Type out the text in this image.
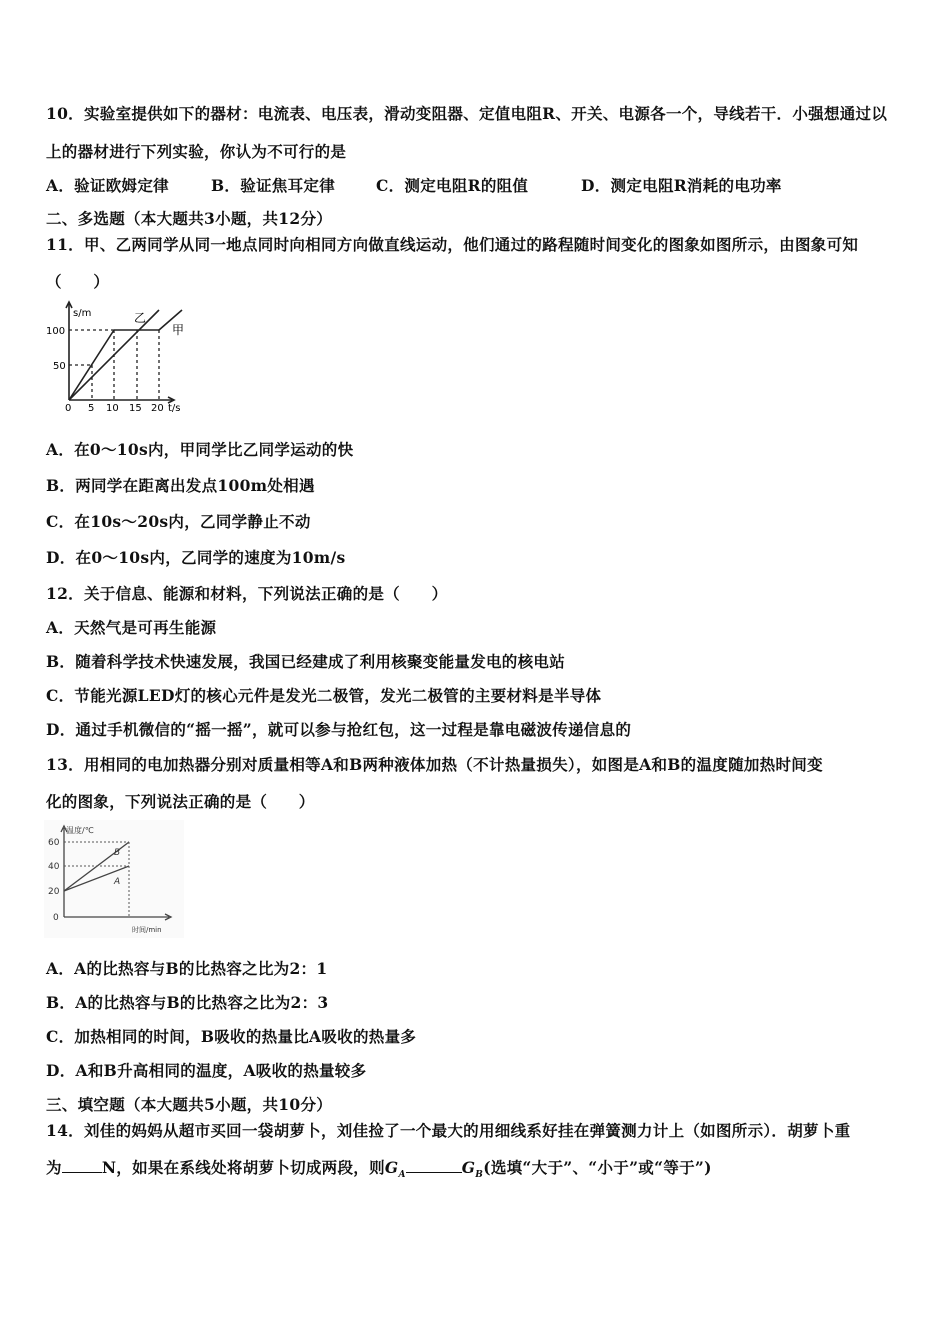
10．实验室提供如下的器材：电流表、电压表，滑动变阻器、定值电阻R、开关、电源各一个，导线若干．小强想通过以
上的器材进行下列实验，你认为不可行的是
A．验证欧姆定律	B．验证焦耳定律	C．测定电阻R的阻值	D．测定电阻R消耗的电功率
二、多选题（本大题共3小题，共12分）
11．甲、乙两同学从同一地点同时向相同方向做直线运动，他们通过的路程随时间变化的图象如图所示，由图象可知
（　　）
s/m
100
50
0 5 10 15 20 t/s
乙
甲
A．在0～10s内，甲同学比乙同学运动的快
B．两同学在距离出发点100m处相遇
C．在10s～20s内，乙同学静止不动
D．在0～10s内，乙同学的速度为10m/s
12．关于信息、能源和材料，下列说法正确的是（　　）
A．天然气是可再生能源
B．随着科学技术快速发展，我国已经建成了利用核聚变能量发电的核电站
C．节能光源LED灯的核心元件是发光二极管，发光二极管的主要材料是半导体
D．通过手机微信的“摇一摇”，就可以参与抢红包，这一过程是靠电磁波传递信息的
13．用相同的电加热器分别对质量相等A和B两种液体加热（不计热量损失），如图是A和B的温度随加热时间变
化的图象，下列说法正确的是（　　）
温度/℃
60
40
20
0
B
A
时间/min
A．A的比热容与B的比热容之比为2：1
B．A的比热容与B的比热容之比为2：3
C．加热相同的时间，B吸收的热量比A吸收的热量多
D．A和B升高相同的温度，A吸收的热量较多
三、填空题（本大题共5小题，共10分）
14．刘佳的妈妈从超市买回一袋胡萝卜，刘佳捡了一个最大的用细线系好挂在弹簧测力计上（如图所示）．胡萝卜重
为	N，如果在系线处将胡萝卜切成两段，则$G_A$	$G_B$(选填“大于”、“小于”或“等于”)
